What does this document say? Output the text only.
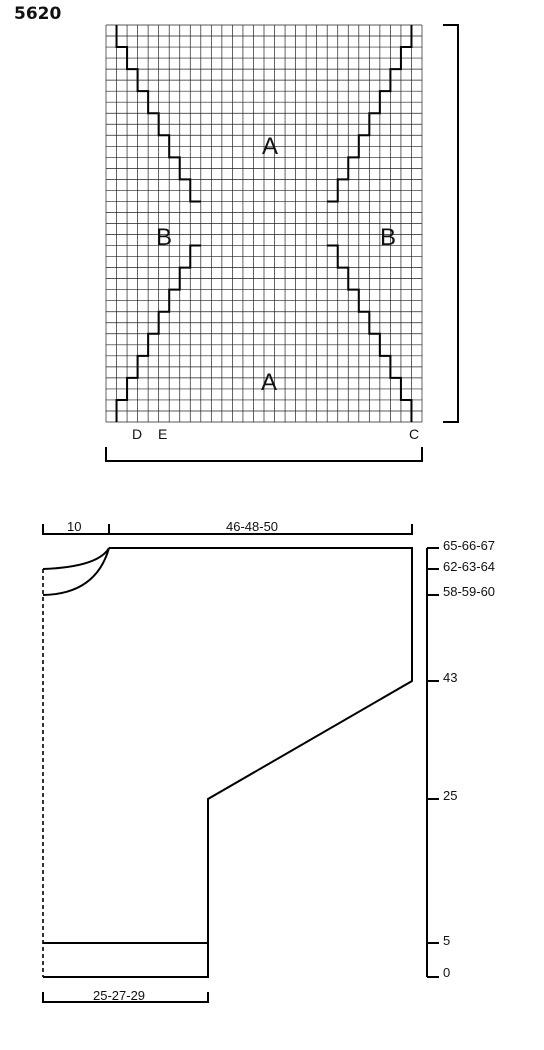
5620
A
A
B	B
D E	C
10	46-48-50
25-27-29
65-66-67
62-63-64
58-59-60
43
25
5
0
